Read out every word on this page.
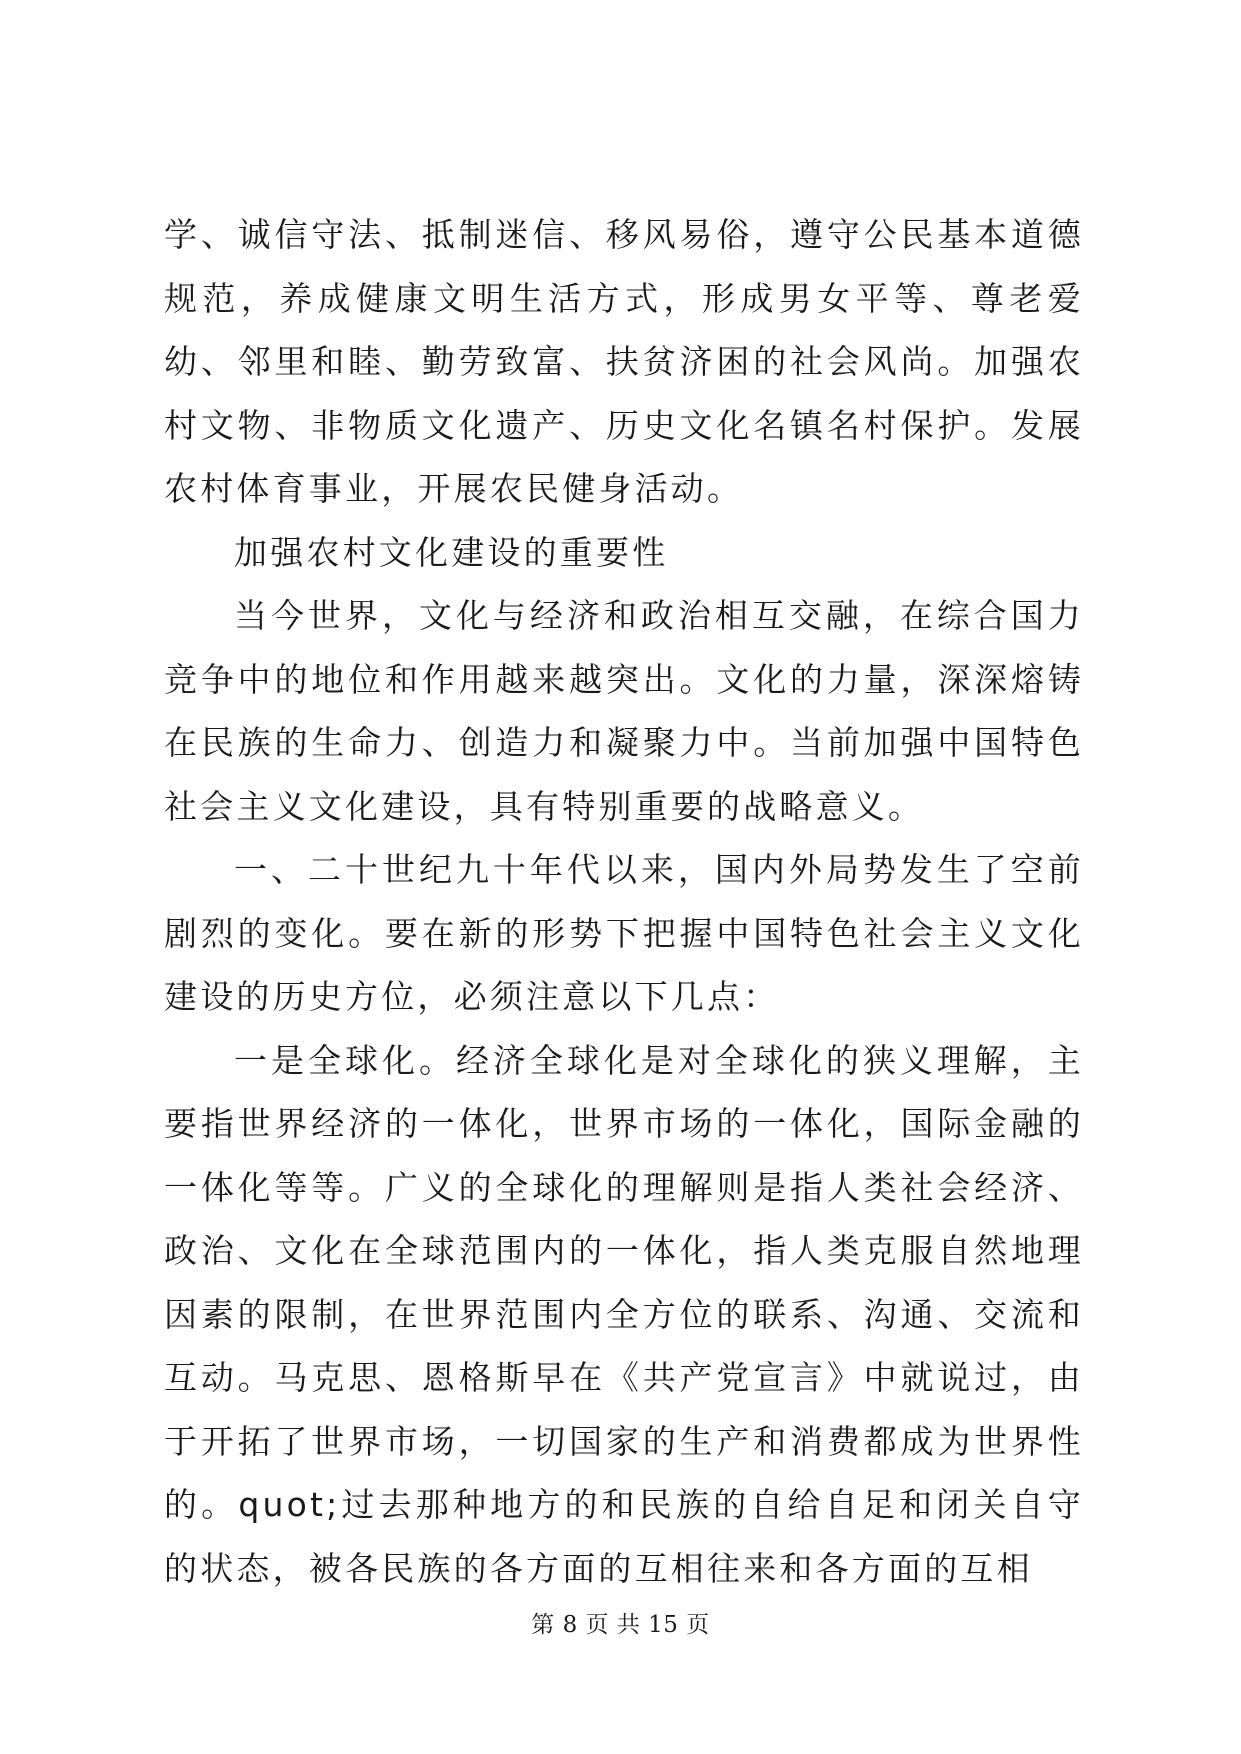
学、诚信守法、抵制迷信、移风易俗，遵守公民基本道德规范，养成健康文明生活方式，形成男女平等、尊老爱幼、邻里和睦、勤劳致富、扶贫济困的社会风尚。加强农村文物、非物质文化遗产、历史文化名镇名村保护。发展农村体育事业，开展农民健身活动。

加强农村文化建设的重要性

当今世界，文化与经济和政治相互交融，在综合国力竞争中的地位和作用越来越突出。文化的力量，深深熔铸在民族的生命力、创造力和凝聚力中。当前加强中国特色社会主义文化建设，具有特别重要的战略意义。

一、二十世纪九十年代以来，国内外局势发生了空前剧烈的变化。要在新的形势下把握中国特色社会主义文化建设的历史方位，必须注意以下几点：

一是全球化。经济全球化是对全球化的狭义理解，主要指世界经济的一体化，世界市场的一体化，国际金融的一体化等等。广义的全球化的理解则是指人类社会经济、政治、文化在全球范围内的一体化，指人类克服自然地理因素的限制，在世界范围内全方位的联系、沟通、交流和互动。马克思、恩格斯早在《共产党宣言》中就说过，由于开拓了世界市场，一切国家的生产和消费都成为世界性的。quot;过去那种地方的和民族的自给自足和闭关自守的状态，被各民族的各方面的互相往来和各方面的互相

第 8 页 共 15 页
